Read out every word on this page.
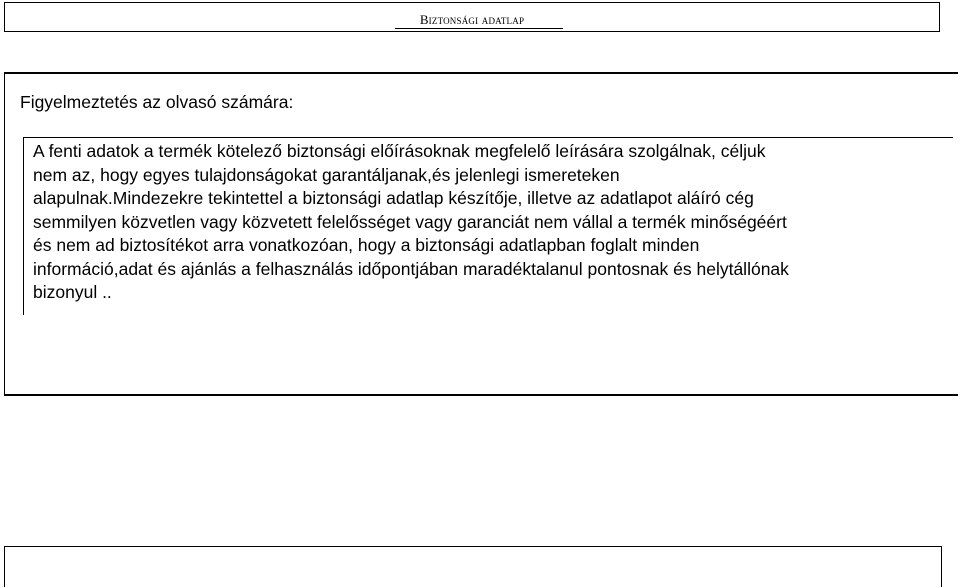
Biztonsági adatlap
Figyelmeztetés az olvasó számára:
A fenti adatok a termék kötelező biztonsági előírásoknak megfelelő leírására szolgálnak, céljuk
nem az, hogy egyes tulajdonságokat garantáljanak,és jelenlegi ismereteken
alapulnak.Mindezekre tekintettel a biztonsági adatlap készítője, illetve az adatlapot aláíró cég
semmilyen közvetlen vagy közvetett felelősséget vagy garanciát nem vállal a termék minőségéért
és nem ad biztosítékot arra vonatkozóan, hogy a biztonsági adatlapban foglalt minden
információ,adat és ajánlás a felhasználás időpontjában maradéktalanul pontosnak és helytállónak
bizonyul ..
